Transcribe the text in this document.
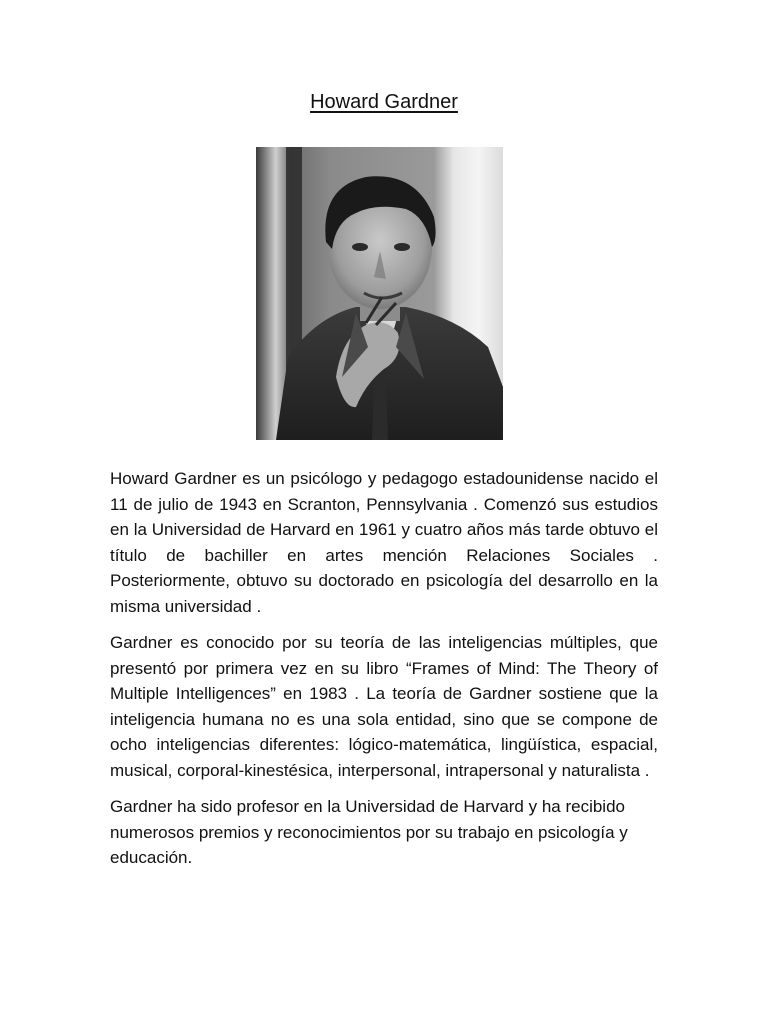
Howard Gardner

Howard Gardner es un psicólogo y pedagogo estadounidense nacido el 11 de julio de 1943 en Scranton, Pennsylvania . Comenzó sus estudios en la Universidad de Harvard en 1961 y cuatro años más tarde obtuvo el título de bachiller en artes mención Relaciones Sociales . Posteriormente, obtuvo su doctorado en psicología del desarrollo en la misma universidad .

Gardner es conocido por su teoría de las inteligencias múltiples, que presentó por primera vez en su libro “Frames of Mind: The Theory of Multiple Intelligences” en 1983 . La teoría de Gardner sostiene que la inteligencia humana no es una sola entidad, sino que se compone de ocho inteligencias diferentes: lógico-matemática, lingüística, espacial, musical, corporal-kinestésica, interpersonal, intrapersonal y naturalista .

Gardner ha sido profesor en la Universidad de Harvard y ha recibido numerosos premios y reconocimientos por su trabajo en psicología y educación.
